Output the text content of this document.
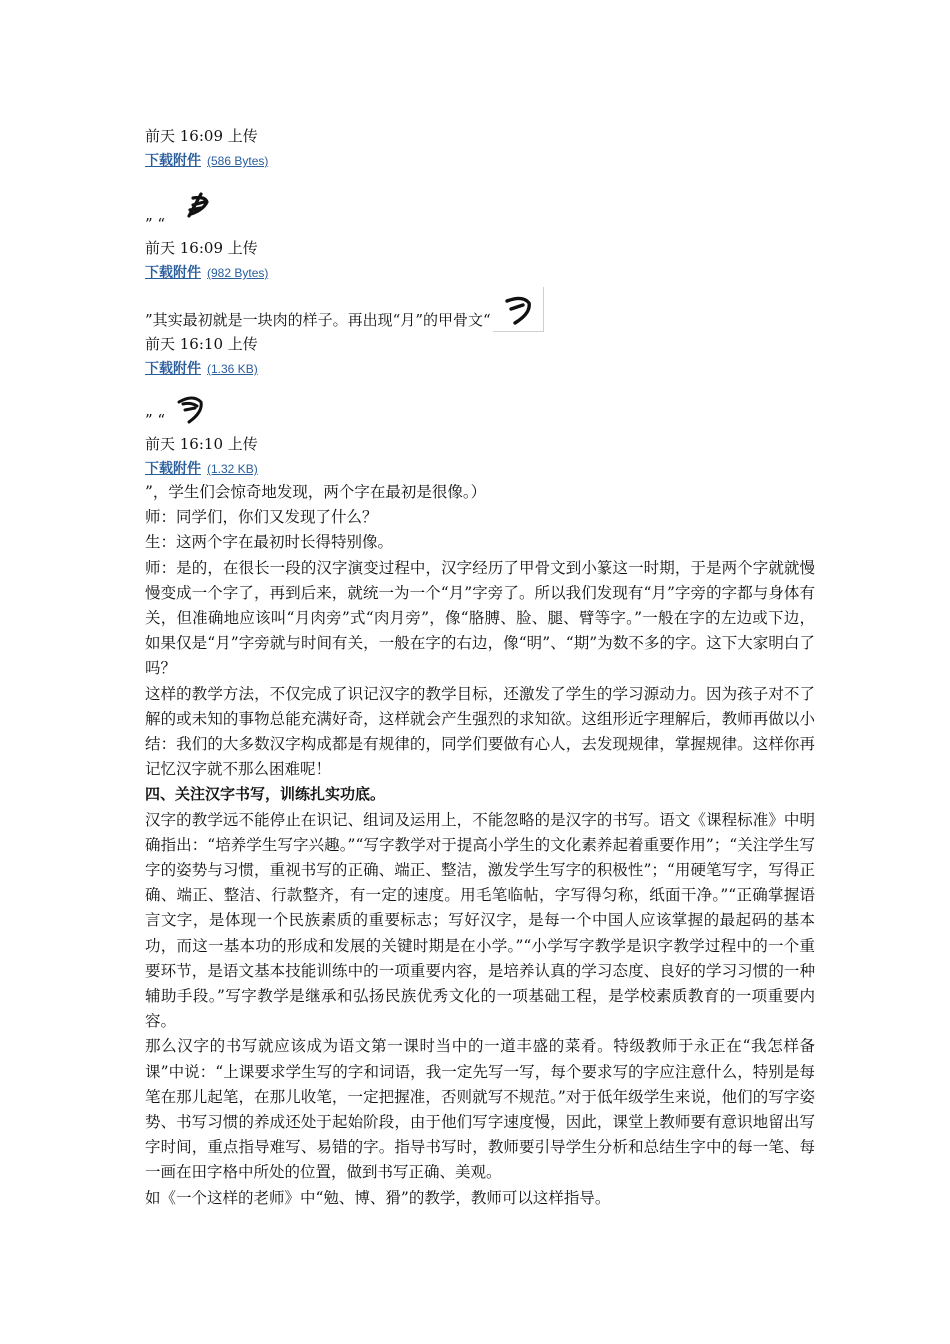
前天 16:09 上传
下载附件 (586 Bytes)
” “
前天 16:09 上传
下载附件 (982 Bytes)
”其实最初就是一块肉的样子。再出现“月”的甲骨文“
前天 16:10 上传
下载附件 (1.36 KB)
” “
前天 16:10 上传
下载附件 (1.32 KB)

”，学生们会惊奇地发现，两个字在最初是很像。）

师：同学们，你们又发现了什么？

生：这两个字在最初时长得特别像。

师：是的，在很长一段的汉字演变过程中，汉字经历了甲骨文到小篆这一时期，于是两个字就就慢慢变成一个字了，再到后来，就统一为一个“月”字旁了。所以我们发现有“月”字旁的字都与身体有关，但准确地应该叫“月肉旁”式“肉月旁”，像“胳膊、脸、腿、臂等字。”一般在字的左边或下边，如果仅是“月”字旁就与时间有关，一般在字的右边，像“明”、“期”为数不多的字。这下大家明白了吗？

这样的教学方法，不仅完成了识记汉字的教学目标，还激发了学生的学习源动力。因为孩子对不了解的或未知的事物总能充满好奇，这样就会产生强烈的求知欲。这组形近字理解后，教师再做以小结：我们的大多数汉字构成都是有规律的，同学们要做有心人，去发现规律，掌握规律。这样你再记忆汉字就不那么困难呢！

四、关注汉字书写，训练扎实功底。

汉字的教学远不能停止在识记、组词及运用上，不能忽略的是汉字的书写。语文《课程标准》中明确指出：“培养学生写字兴趣。”“写字教学对于提高小学生的文化素养起着重要作用”；“关注学生写字的姿势与习惯，重视书写的正确、端正、整洁，激发学生写字的积极性”；“用硬笔写字，写得正确、端正、整洁、行款整齐，有一定的速度。用毛笔临帖，字写得匀称，纸面干净。”“正确掌握语言文字，是体现一个民族素质的重要标志；写好汉字，是每一个中国人应该掌握的最起码的基本功，而这一基本功的形成和发展的关键时期是在小学。”“小学写字教学是识字教学过程中的一个重要环节，是语文基本技能训练中的一项重要内容，是培养认真的学习态度、良好的学习习惯的一种辅助手段。”写字教学是继承和弘扬民族优秀文化的一项基础工程，是学校素质教育的一项重要内容。

那么汉字的书写就应该成为语文第一课时当中的一道丰盛的菜肴。特级教师于永正在“我怎样备课”中说：“上课要求学生写的字和词语，我一定先写一写，每个要求写的字应注意什么，特别是每笔在那儿起笔，在那儿收笔，一定把握准，否则就写不规范。”对于低年级学生来说，他们的写字姿势、书写习惯的养成还处于起始阶段，由于他们写字速度慢，因此，课堂上教师要有意识地留出写字时间，重点指导难写、易错的字。指导书写时，教师要引导学生分析和总结生字中的每一笔、每一画在田字格中所处的位置，做到书写正确、美观。

如《一个这样的老师》中“勉、博、猾”的教学，教师可以这样指导。
